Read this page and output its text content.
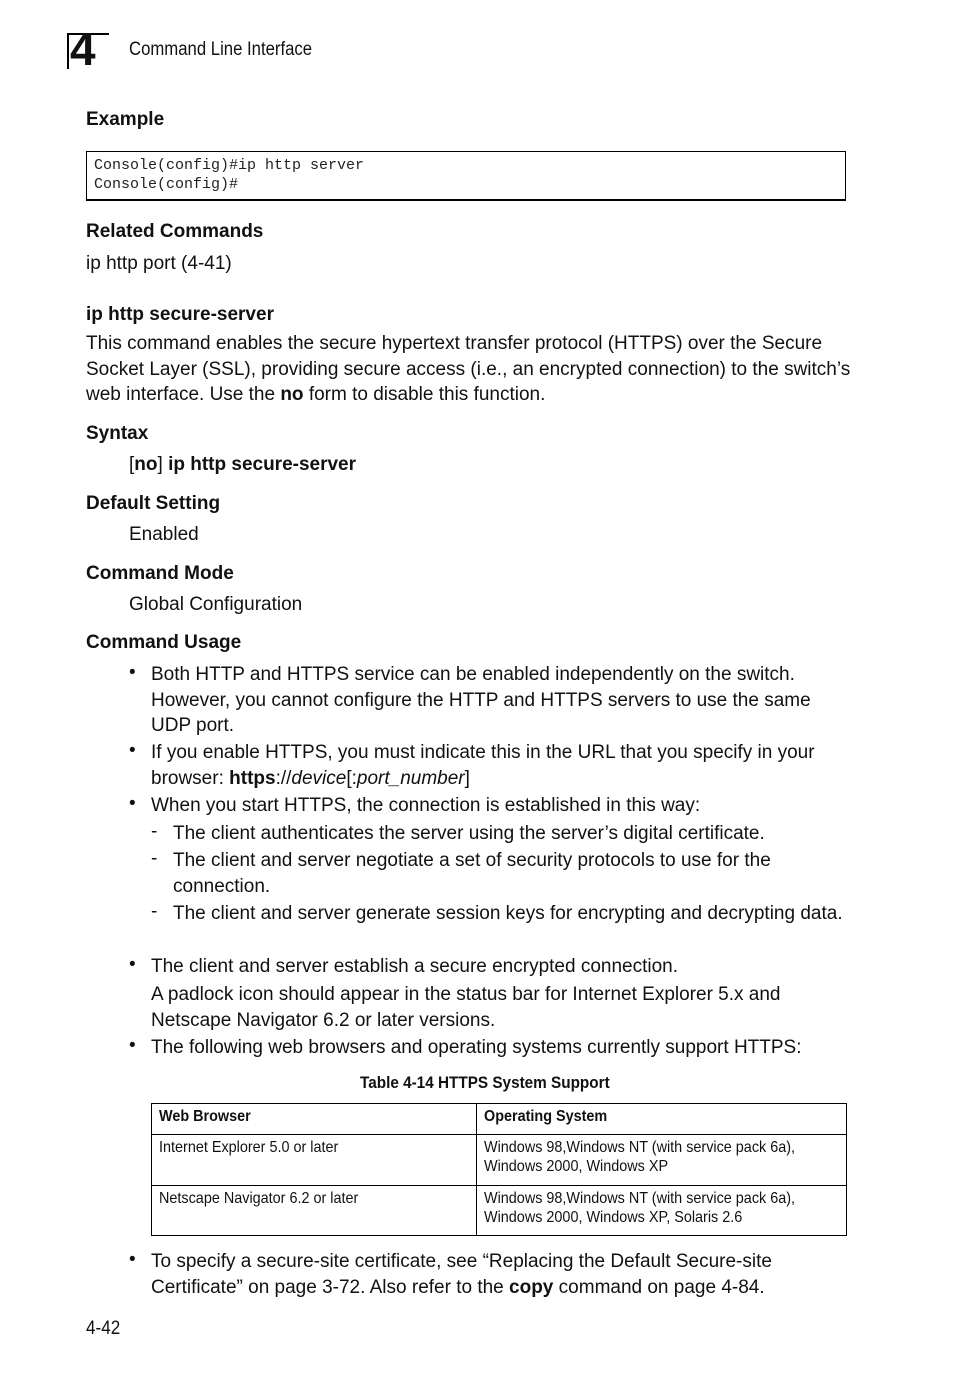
4 Command Line Interface
Example
Console(config)#ip http server
Console(config)#
Related Commands
ip http port (4-41)
ip http secure-server
This command enables the secure hypertext transfer protocol (HTTPS) over the Secure Socket Layer (SSL), providing secure access (i.e., an encrypted connection) to the switch’s web interface. Use the no form to disable this function.
Syntax
[no] ip http secure-server
Default Setting
Enabled
Command Mode
Global Configuration
Command Usage
• Both HTTP and HTTPS service can be enabled independently on the switch. However, you cannot configure the HTTP and HTTPS servers to use the same UDP port.
• If you enable HTTPS, you must indicate this in the URL that you specify in your browser: https://device[:port_number]
• When you start HTTPS, the connection is established in this way:
- The client authenticates the server using the server’s digital certificate.
- The client and server negotiate a set of security protocols to use for the connection.
- The client and server generate session keys for encrypting and decrypting data.
• The client and server establish a secure encrypted connection.
A padlock icon should appear in the status bar for Internet Explorer 5.x and Netscape Navigator 6.2 or later versions.
• The following web browsers and operating systems currently support HTTPS:
Table 4-14 HTTPS System Support
Web Browser	Operating System
Internet Explorer 5.0 or later	Windows 98,Windows NT (with service pack 6a), Windows 2000, Windows XP
Netscape Navigator 6.2 or later	Windows 98,Windows NT (with service pack 6a), Windows 2000, Windows XP, Solaris 2.6
• To specify a secure-site certificate, see “Replacing the Default Secure-site Certificate” on page 3-72. Also refer to the copy command on page 4-84.
4-42
